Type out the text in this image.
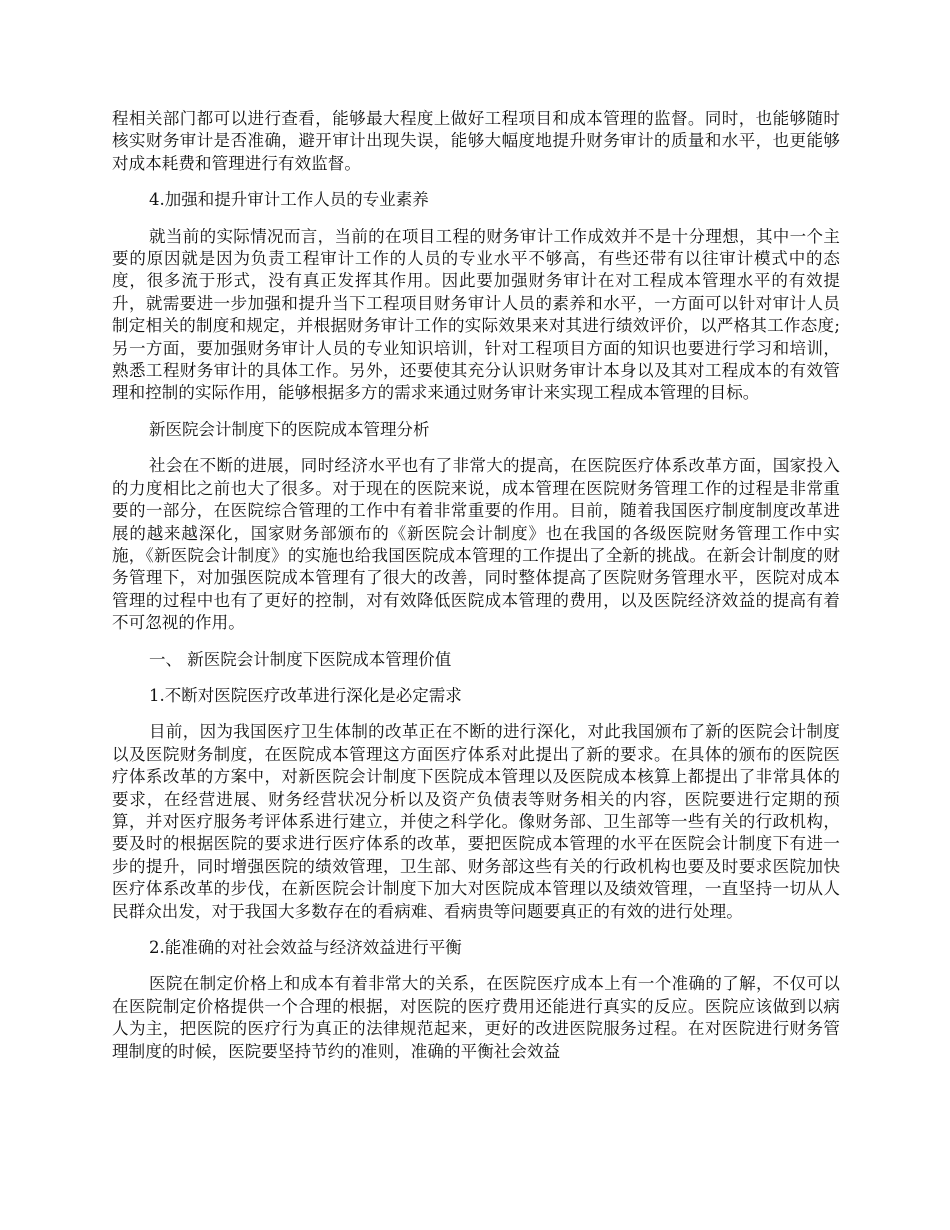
程相关部门都可以进行查看，能够最大程度上做好工程项目和成本管理的监督。同时，也能够随时核实财务审计是否准确，避开审计出现失误，能够大幅度地提升财务审计的质量和水平，也更能够对成本耗费和管理进行有效监督。

4.加强和提升审计工作人员的专业素养

就当前的实际情况而言，当前的在项目工程的财务审计工作成效并不是十分理想，其中一个主要的原因就是因为负责工程审计工作的人员的专业水平不够高，有些还带有以往审计模式中的态度，很多流于形式，没有真正发挥其作用。因此要加强财务审计在对工程成本管理水平的有效提升，就需要进一步加强和提升当下工程项目财务审计人员的素养和水平，一方面可以针对审计人员制定相关的制度和规定，并根据财务审计工作的实际效果来对其进行绩效评价，以严格其工作态度;另一方面，要加强财务审计人员的专业知识培训，针对工程项目方面的知识也要进行学习和培训，熟悉工程财务审计的具体工作。另外，还要使其充分认识财务审计本身以及其对工程成本的有效管理和控制的实际作用，能够根据多方的需求来通过财务审计来实现工程成本管理的目标。

新医院会计制度下的医院成本管理分析

社会在不断的进展，同时经济水平也有了非常大的提高，在医院医疗体系改革方面，国家投入的力度相比之前也大了很多。对于现在的医院来说，成本管理在医院财务管理工作的过程是非常重要的一部分，在医院综合管理的工作中有着非常重要的作用。目前，随着我国医疗制度制度改革进展的越来越深化，国家财务部颁布的《新医院会计制度》也在我国的各级医院财务管理工作中实施，《新医院会计制度》的实施也给我国医院成本管理的工作提出了全新的挑战。在新会计制度的财务管理下，对加强医院成本管理有了很大的改善，同时整体提高了医院财务管理水平，医院对成本管理的过程中也有了更好的控制，对有效降低医院成本管理的费用，以及医院经济效益的提高有着不可忽视的作用。

一、 新医院会计制度下医院成本管理价值

1.不断对医院医疗改革进行深化是必定需求

目前，因为我国医疗卫生体制的改革正在不断的进行深化，对此我国颁布了新的医院会计制度以及医院财务制度，在医院成本管理这方面医疗体系对此提出了新的要求。在具体的颁布的医院医疗体系改革的方案中，对新医院会计制度下医院成本管理以及医院成本核算上都提出了非常具体的要求，在经营进展、财务经营状况分析以及资产负债表等财务相关的内容，医院要进行定期的预算，并对医疗服务考评体系进行建立，并使之科学化。像财务部、卫生部等一些有关的行政机构，要及时的根据医院的要求进行医疗体系的改革，要把医院成本管理的水平在医院会计制度下有进一步的提升，同时增强医院的绩效管理，卫生部、财务部这些有关的行政机构也要及时要求医院加快医疗体系改革的步伐，在新医院会计制度下加大对医院成本管理以及绩效管理，一直坚持一切从人民群众出发，对于我国大多数存在的看病难、看病贵等问题要真正的有效的进行处理。

2.能准确的对社会效益与经济效益进行平衡

医院在制定价格上和成本有着非常大的关系，在医院医疗成本上有一个准确的了解，不仅可以在医院制定价格提供一个合理的根据，对医院的医疗费用还能进行真实的反应。医院应该做到以病人为主，把医院的医疗行为真正的法律规范起来，更好的改进医院服务过程。在对医院进行财务管理制度的时候，医院要坚持节约的准则，准确的平衡社会效益
